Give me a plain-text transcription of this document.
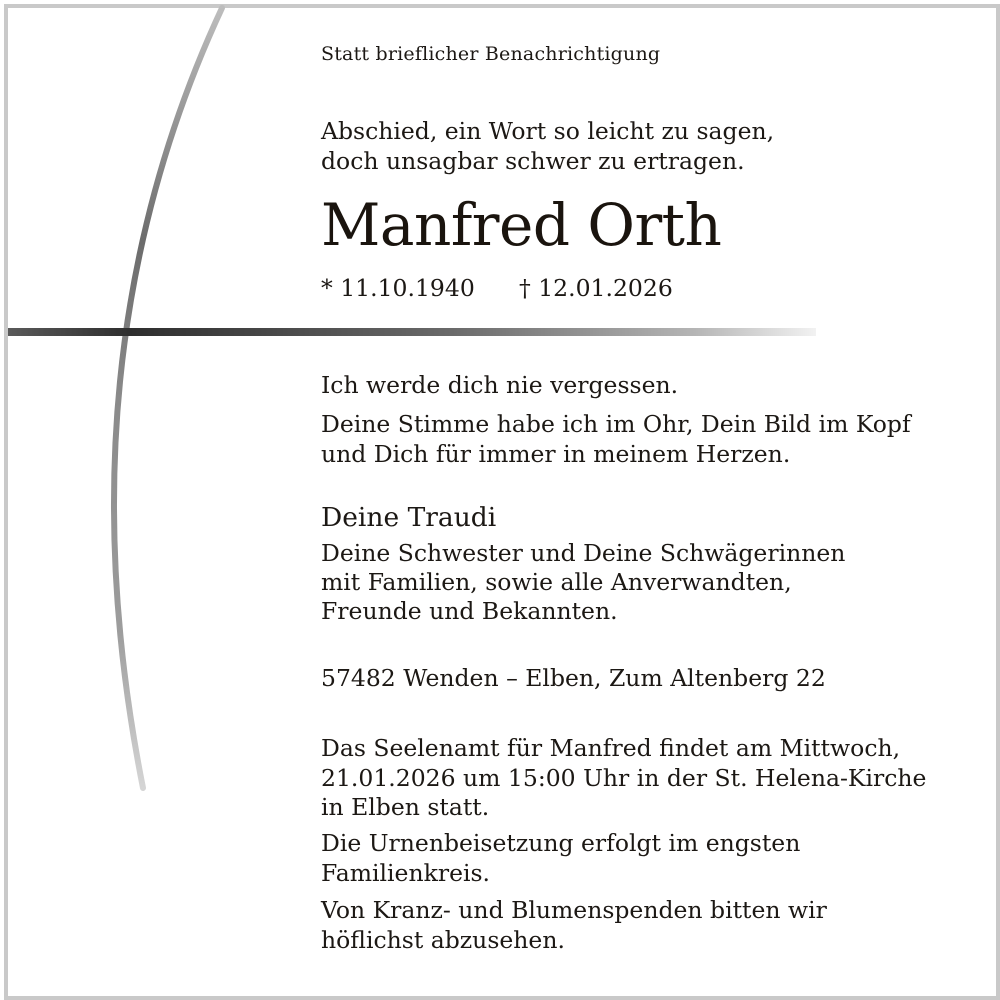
Statt brieflicher Benachrichtigung

Abschied, ein Wort so leicht zu sagen,
doch unsagbar schwer zu ertragen.

Manfred Orth

* 11.10.1940 † 12.01.2026

Ich werde dich nie vergessen.

Deine Stimme habe ich im Ohr, Dein Bild im Kopf
und Dich für immer in meinem Herzen.

Deine Traudi

Deine Schwester und Deine Schwägerinnen
mit Familien, sowie alle Anverwandten,
Freunde und Bekannten.

57482 Wenden – Elben, Zum Altenberg 22

Das Seelenamt für Manfred findet am Mittwoch,
21.01.2026 um 15:00 Uhr in der St. Helena-Kirche
in Elben statt.

Die Urnenbeisetzung erfolgt im engsten
Familienkreis.

Von Kranz- und Blumenspenden bitten wir
höflichst abzusehen.
